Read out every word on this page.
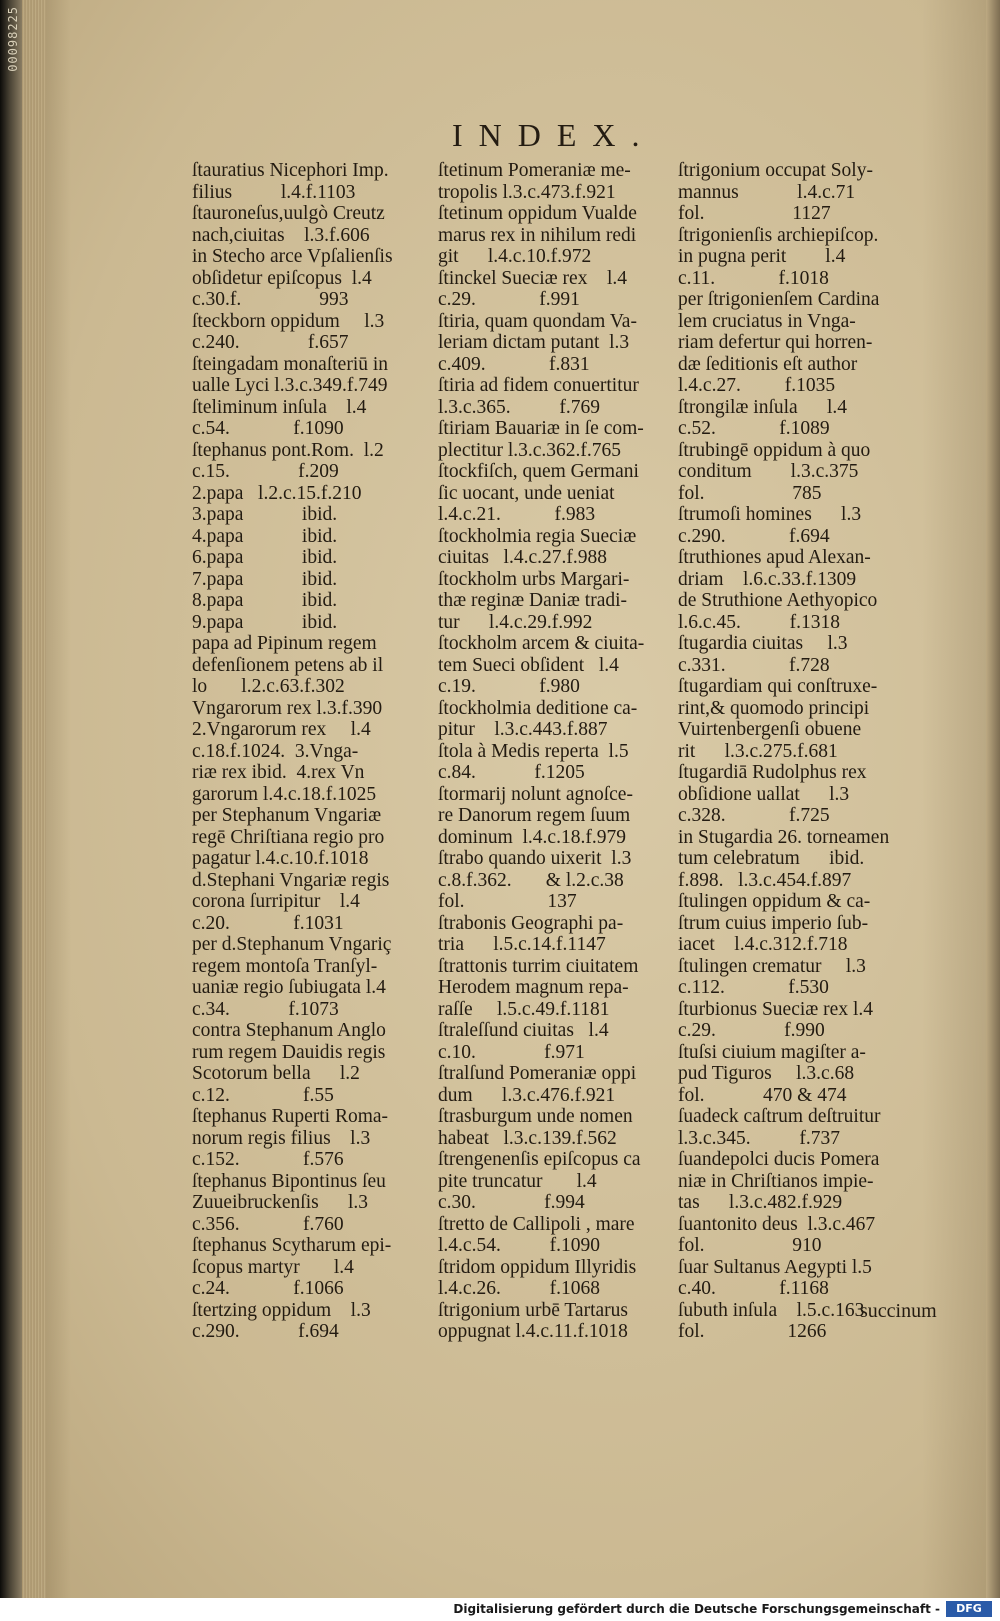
00098225
INDEX.
ſtauratius Nicephori Imp.
filius          l.4.f.1103
ſtauroneſus,uulgò Creutz
nach,ciuitas    l.3.f.606
in Stecho arce Vpſalienſis
obſidetur epiſcopus  l.4
c.30.f.                993
ſteckborn oppidum     l.3
c.240.              f.657
ſteingadam monaſteriū in
ualle Lyci l.3.c.349.f.749
ſteliminum inſula    l.4
c.54.             f.1090
ſtephanus pont.Rom.  l.2
c.15.              f.209
2.papa   l.2.c.15.f.210
3.papa            ibid.
4.papa            ibid.
6.papa            ibid.
7.papa            ibid.
8.papa            ibid.
9.papa            ibid.
papa ad Pipinum regem
defenſionem petens ab il
lo       l.2.c.63.f.302
Vngarorum rex l.3.f.390
2.Vngarorum rex     l.4
c.18.f.1024.  3.Vnga-
riæ rex ibid.  4.rex Vn
garorum l.4.c.18.f.1025
per Stephanum Vngariæ
regē Chriſtiana regio pro
pagatur l.4.c.10.f.1018
d.Stephani Vngariæ regis
corona ſurripitur    l.4
c.20.             f.1031
per d.Stephanum Vngariç
regem montoſa Tranſyl-
uaniæ regio ſubiugata l.4
c.34.            f.1073
contra Stephanum Anglo
rum regem Dauidis regis
Scotorum bella      l.2
c.12.               f.55
ſtephanus Ruperti Roma-
norum regis filius    l.3
c.152.             f.576
ſtephanus Bipontinus ſeu
Zuueibruckenſis      l.3
c.356.             f.760
ſtephanus Scytharum epi-
ſcopus martyr       l.4
c.24.             f.1066
ſtertzing oppidum    l.3
c.290.            f.694
ſtetinum Pomeraniæ me-
tropolis l.3.c.473.f.921
ſtetinum oppidum Vualde
marus rex in nihilum redi
git      l.4.c.10.f.972
ſtinckel Sueciæ rex    l.4
c.29.             f.991
ſtiria, quam quondam Va-
leriam dictam putant  l.3
c.409.             f.831
ſtiria ad fidem conuertitur
l.3.c.365.          f.769
ſtiriam Bauariæ in ſe com-
plectitur l.3.c.362.f.765
ſtockfiſch, quem Germani
ſic uocant, unde ueniat
l.4.c.21.           f.983
ſtockholmia regia Sueciæ
ciuitas   l.4.c.27.f.988
ſtockholm urbs Margari-
thæ reginæ Daniæ tradi-
tur      l.4.c.29.f.992
ſtockholm arcem & ciuita-
tem Sueci obſident   l.4
c.19.             f.980
ſtockholmia deditione ca-
pitur    l.3.c.443.f.887
ſtola à Medis reperta  l.5
c.84.            f.1205
ſtormarij nolunt agnoſce-
re Danorum regem ſuum
dominum  l.4.c.18.f.979
ſtrabo quando uixerit  l.3
c.8.f.362.       & l.2.c.38
fol.                 137
ſtrabonis Geographi pa-
tria      l.5.c.14.f.1147
ſtrattonis turrim ciuitatem
Herodem magnum repa-
raſſe     l.5.c.49.f.1181
ſtraleſſund ciuitas   l.4
c.10.              f.971
ſtralſund Pomeraniæ oppi
dum      l.3.c.476.f.921
ſtrasburgum unde nomen
habeat   l.3.c.139.f.562
ſtrengenenſis epiſcopus ca
pite truncatur       l.4
c.30.              f.994
ſtretto de Callipoli , mare
l.4.c.54.          f.1090
ſtridom oppidum Illyridis
l.4.c.26.          f.1068
ſtrigonium urbē Tartarus
oppugnat l.4.c.11.f.1018
ſtrigonium occupat Soly-
mannus            l.4.c.71
fol.                  1127
ſtrigonienſis archiepiſcop.
in pugna perit        l.4
c.11.             f.1018
per ſtrigonienſem Cardina
lem cruciatus in Vnga-
riam defertur qui horren-
dæ ſeditionis eſt author
l.4.c.27.         f.1035
ſtrongilæ inſula      l.4
c.52.             f.1089
ſtrubingē oppidum à quo
conditum        l.3.c.375
fol.                  785
ſtrumoſi homines      l.3
c.290.             f.694
ſtruthiones apud Alexan-
driam    l.6.c.33.f.1309
de Struthione Aethyopico
l.6.c.45.          f.1318
ſtugardia ciuitas     l.3
c.331.             f.728
ſtugardiam qui conſtruxe-
rint,& quomodo principi
Vuirtenbergenſi obuene
rit      l.3.c.275.f.681
ſtugardiā Rudolphus rex
obſidione uallat      l.3
c.328.             f.725
in Stugardia 26. torneamen
tum celebratum      ibid.
f.898.   l.3.c.454.f.897
ſtulingen oppidum & ca-
ſtrum cuius imperio ſub-
iacet    l.4.c.312.f.718
ſtulingen crematur     l.3
c.112.             f.530
ſturbionus Sueciæ rex l.4
c.29.              f.990
ſtuſsi ciuium magiſter a-
pud Tiguros     l.3.c.68
fol.            470 & 474
ſuadeck caſtrum deſtruitur
l.3.c.345.          f.737
ſuandepolci ducis Pomera
niæ in Chriſtianos impie-
tas      l.3.c.482.f.929
ſuantonito deus  l.3.c.467
fol.                  910
ſuar Sultanus Aegypti l.5
c.40.             f.1168
ſubuth inſula    l.5.c.163
fol.                 1266
succinum
Digitalisierung gefördert durch die Deutsche Forschungsgemeinschaft -	DFG
